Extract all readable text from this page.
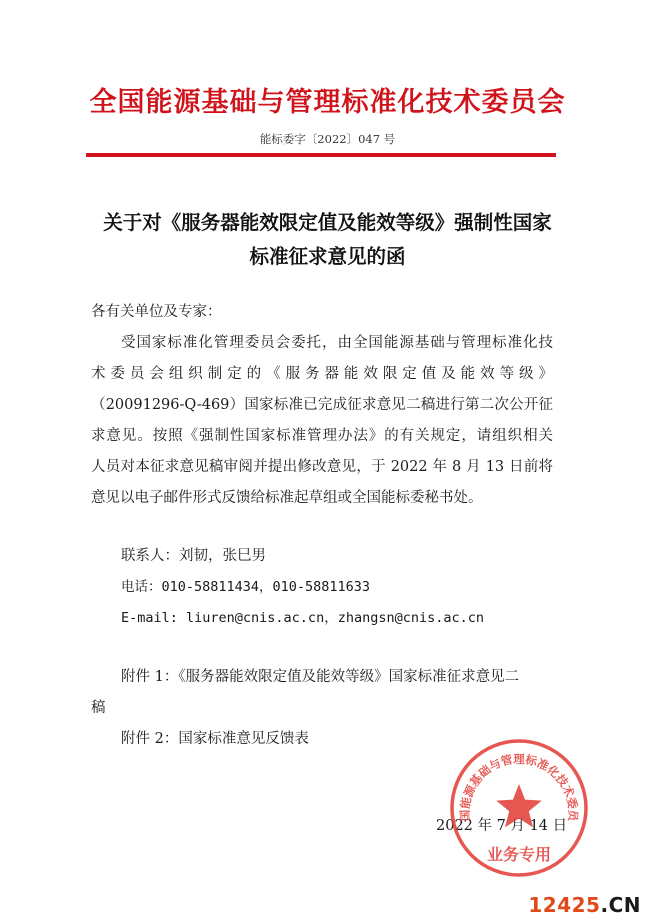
全国能源基础与管理标准化技术委员会
能标委字〔2022〕047 号
关于对《服务器能效限定值及能效等级》强制性国家
标准征求意见的函
各有关单位及专家：
受国家标准化管理委员会委托，由全国能源基础与管理标准化技
术委员会组织制定的《服务器能效限定值及能效等级》
（20091296-Q-469）国家标准已完成征求意见二稿进行第二次公开征
求意见。按照《强制性国家标准管理办法》的有关规定，请组织相关
人员对本征求意见稿审阅并提出修改意见，于 2022 年 8 月 13 日前将
意见以电子邮件形式反馈给标准起草组或全国能标委秘书处。
联系人：刘韧，张巳男
电话：010-58811434，010-58811633
E-mail: liuren@cnis.ac.cn，zhangsn@cnis.ac.cn
附件 1：《服务器能效限定值及能效等级》国家标准征求意见二
稿
附件 2：国家标准意见反馈表
2022 年 7 月 14 日
国能源基础与管理标准化技术委员
业务专用
12425.CN
